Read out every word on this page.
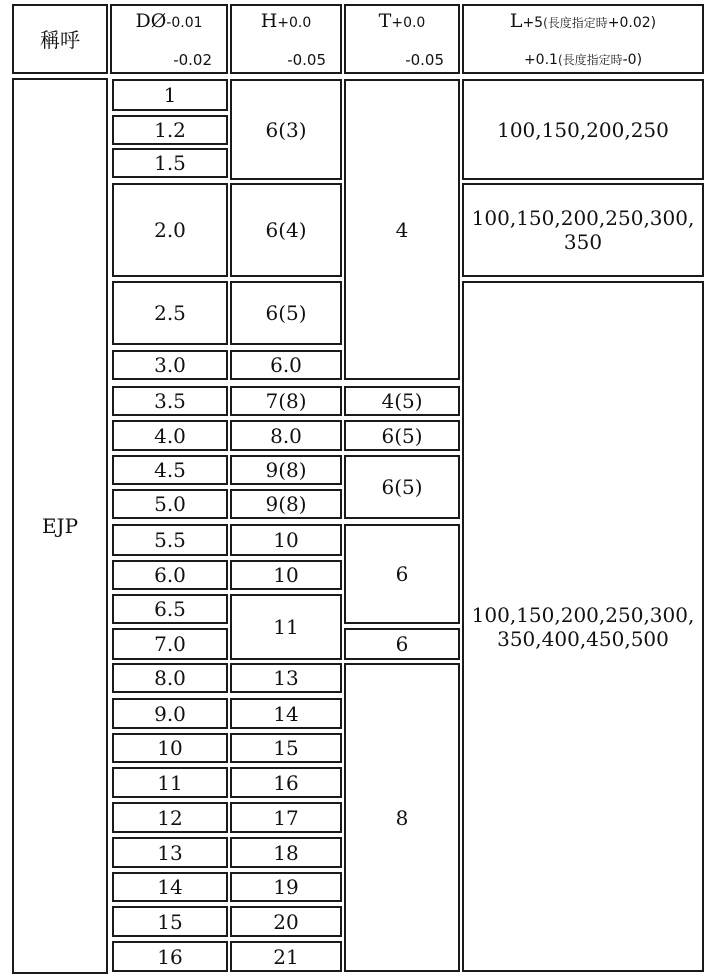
稱呼
DØ-0.01
-0.02
H+0.0
-0.05
T+0.0
-0.05
L+5(長度指定時+0.02)
+0.1(長度指定時-0)
EJP
1
1.2
1.5
2.0
2.5
3.0
3.5
4.0
4.5
5.0
5.5
6.0
6.5
7.0
8.0
9.0
10
11
12
13
14
15
16
6(3)
6(4)
6(5)
6.0
7(8)
8.0
9(8)
9(8)
10
10
11
13
14
15
16
17
18
19
20
21
4
4(5)
6(5)
6(5)
6
6
8
100,150,200,250
100,150,200,250,300,350
100,150,200,250,300,350,400,450,500
